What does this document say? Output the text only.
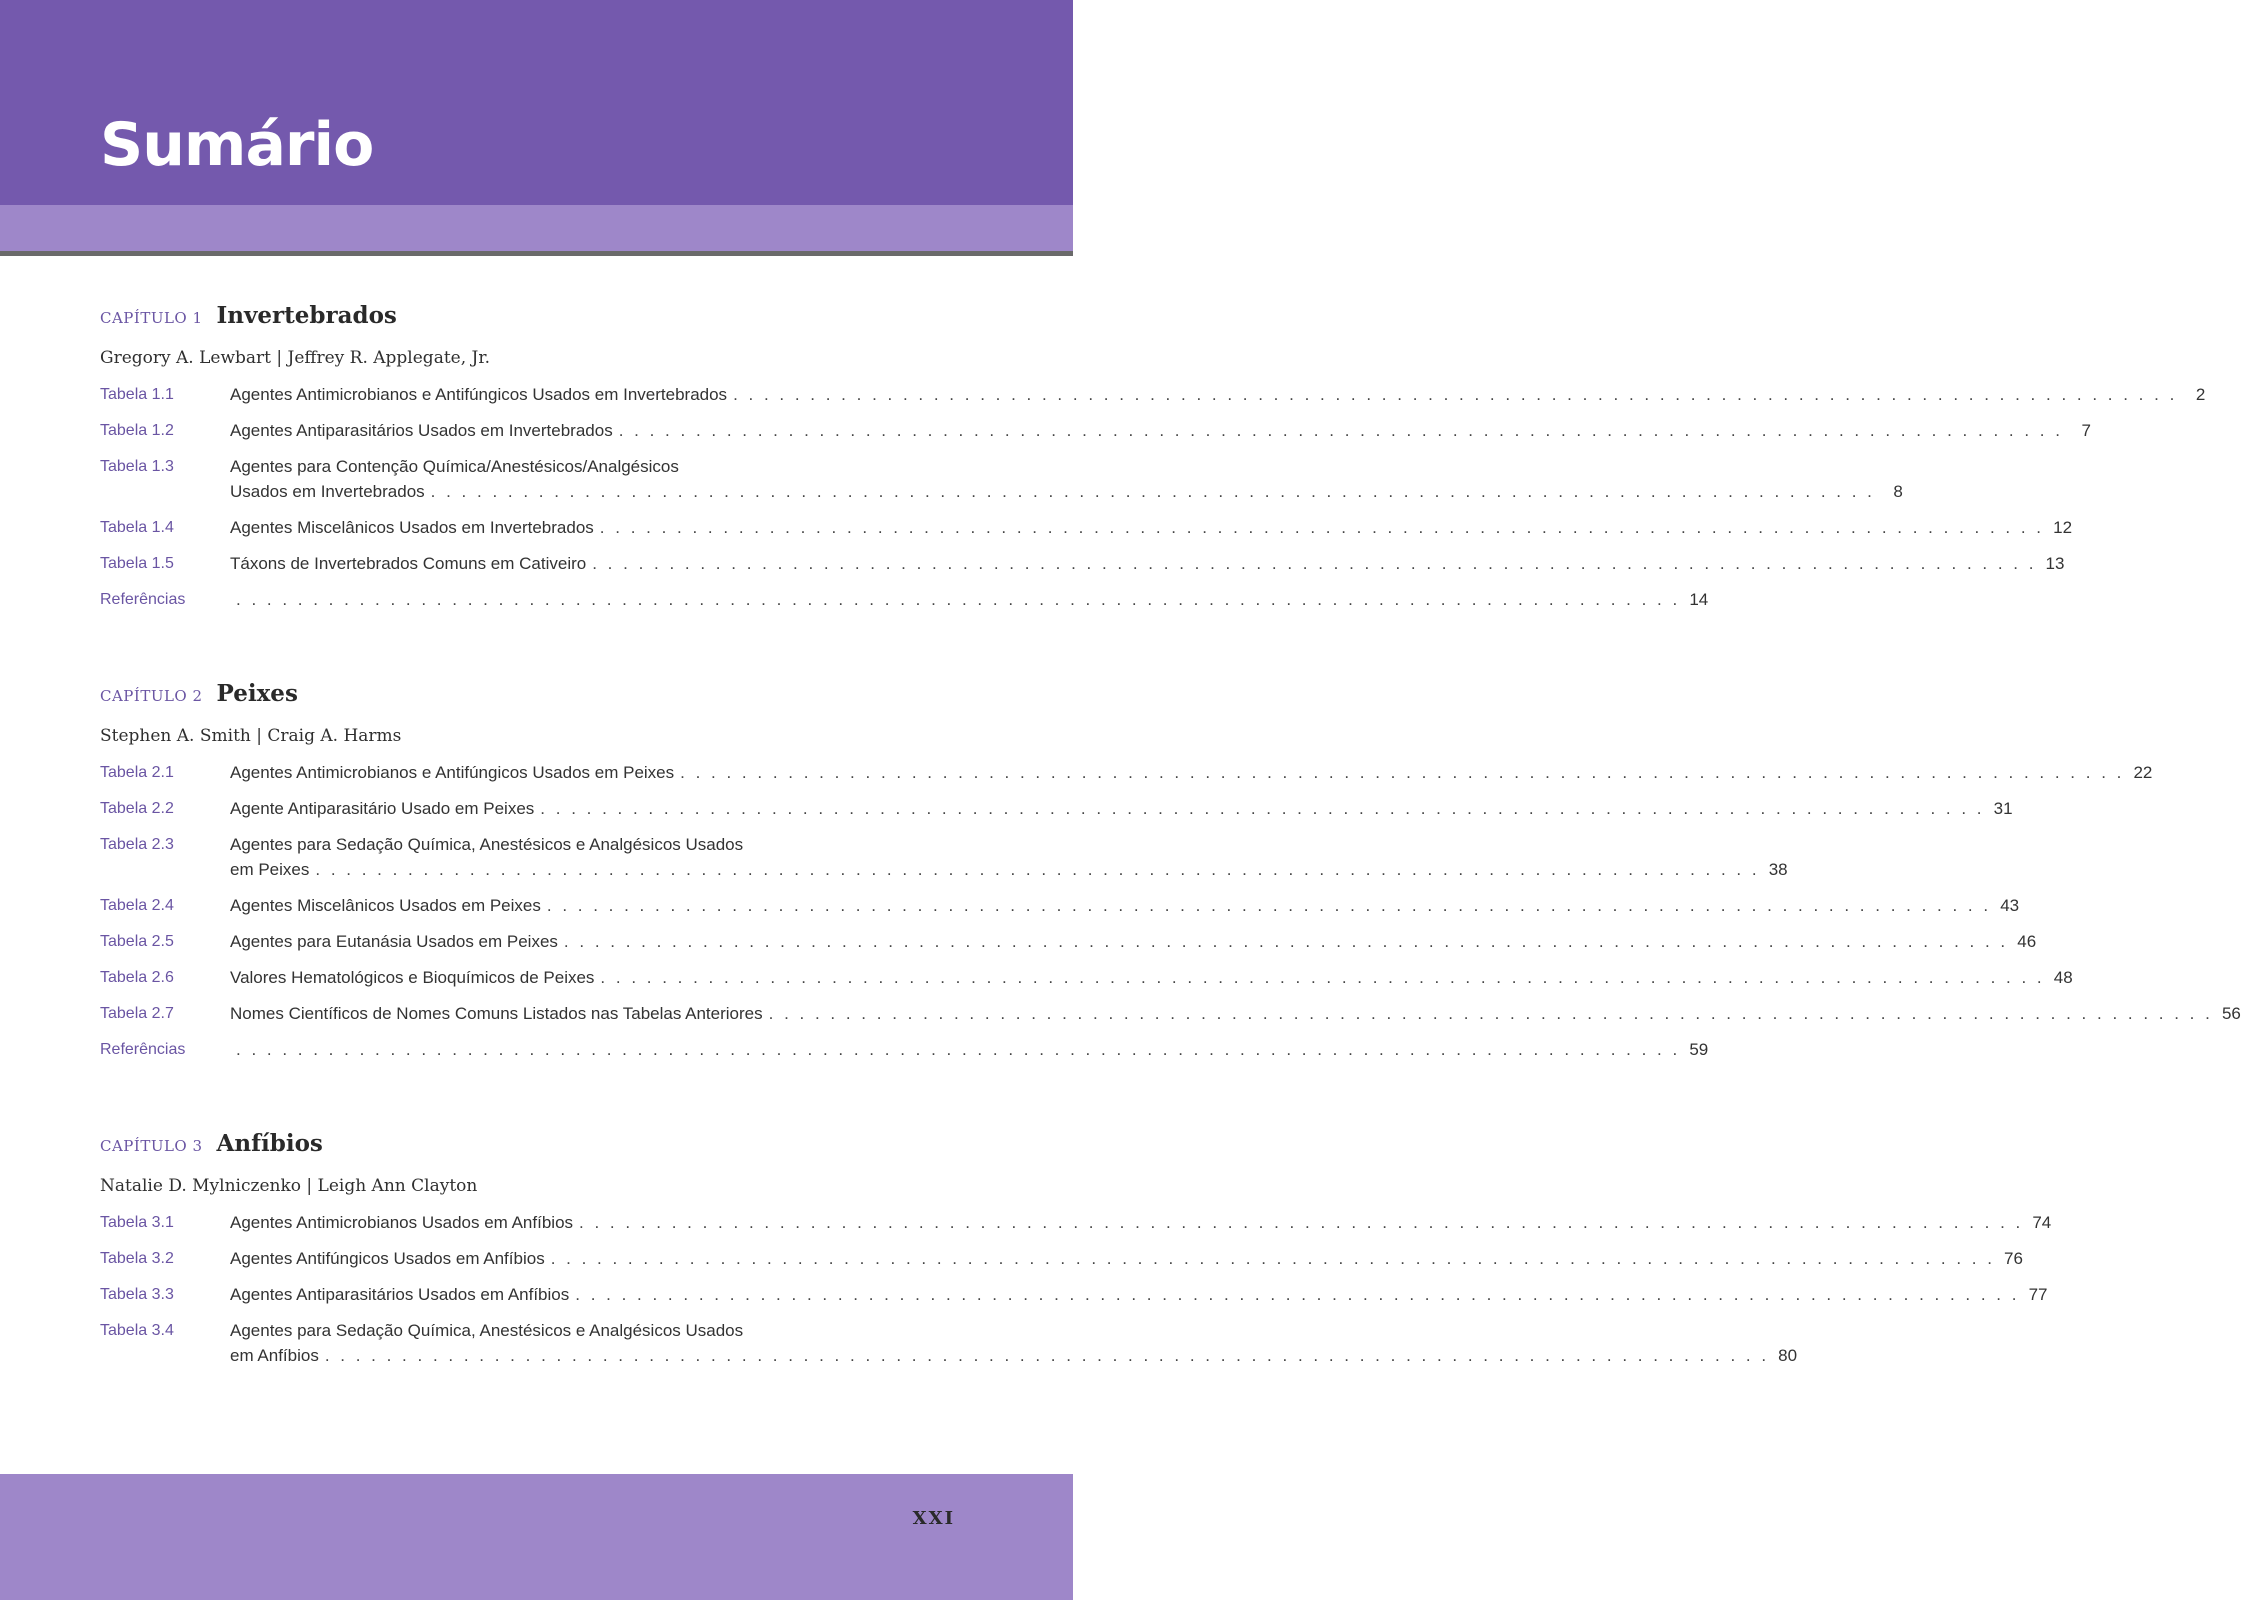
Sumário
CAPÍTULO 1 Invertebrados
Gregory A. Lewbart | Jeffrey R. Applegate, Jr.
Tabela 1.1	Agentes Antimicrobianos e Antifúngicos Usados em Invertebrados . . .	2
Tabela 1.2	Agentes Antiparasitários Usados em Invertebrados . . .	7
Tabela 1.3	Agentes para Contenção Química/Anestésicos/Analgésicos
Usados em Invertebrados . . .	8
Tabela 1.4	Agentes Miscelânicos Usados em Invertebrados . . .	12
Tabela 1.5	Táxons de Invertebrados Comuns em Cativeiro . . .	13
Referências . . .	14
CAPÍTULO 2 Peixes
Stephen A. Smith | Craig A. Harms
Tabela 2.1	Agentes Antimicrobianos e Antifúngicos Usados em Peixes . . .	22
Tabela 2.2	Agente Antiparasitário Usado em Peixes . . .	31
Tabela 2.3	Agentes para Sedação Química, Anestésicos e Analgésicos Usados
em Peixes . . .	38
Tabela 2.4	Agentes Miscelânicos Usados em Peixes . . .	43
Tabela 2.5	Agentes para Eutanásia Usados em Peixes . . .	46
Tabela 2.6	Valores Hematológicos e Bioquímicos de Peixes . . .	48
Tabela 2.7	Nomes Científicos de Nomes Comuns Listados nas Tabelas Anteriores . . .	56
Referências . . .	59
CAPÍTULO 3 Anfíbios
Natalie D. Mylniczenko | Leigh Ann Clayton
Tabela 3.1	Agentes Antimicrobianos Usados em Anfíbios . . .	74
Tabela 3.2	Agentes Antifúngicos Usados em Anfíbios . . .	76
Tabela 3.3	Agentes Antiparasitários Usados em Anfíbios . . .	77
Tabela 3.4	Agentes para Sedação Química, Anestésicos e Analgésicos Usados
em Anfíbios . . .	80
XXI
